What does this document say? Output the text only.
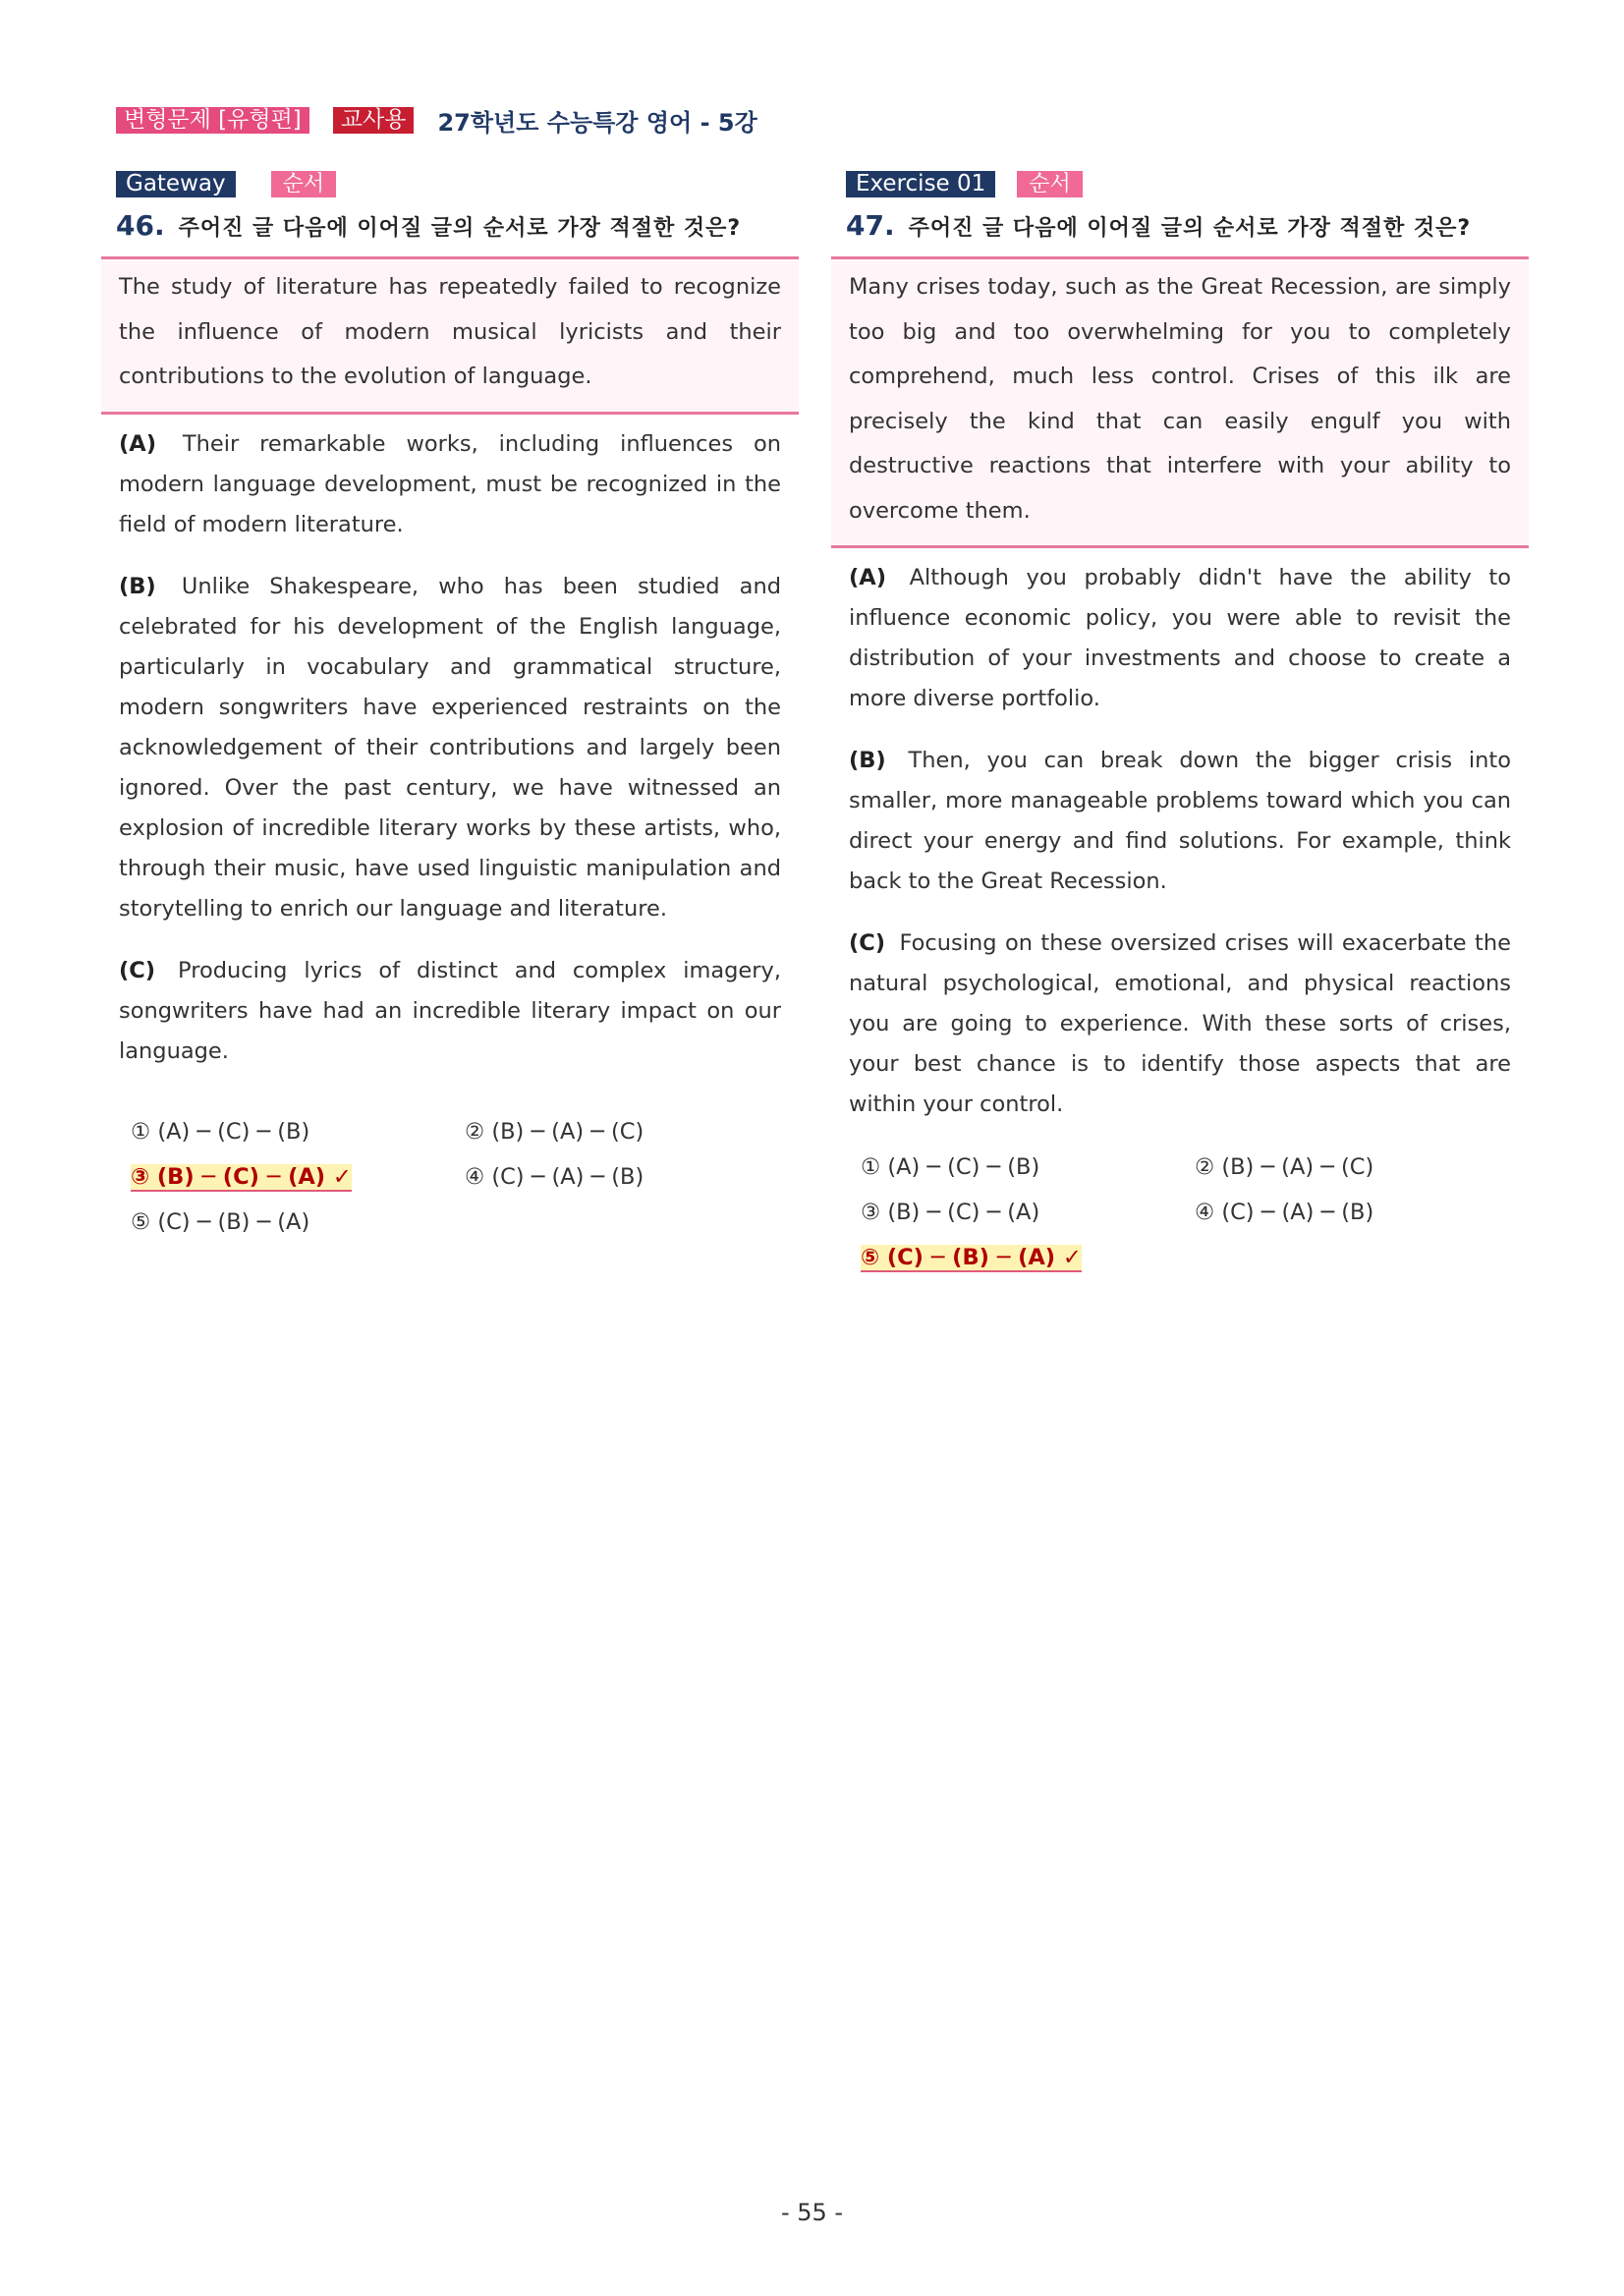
변형문제 [유형편]	교사용	27학년도 수능특강 영어 - 5강
Gateway	순서
46. 주어진 글 다음에 이어질 글의 순서로 가장 적절한 것은?
The study of literature has repeatedly failed to recognize the influence of modern musical lyricists and their contributions to the evolution of language.
(A) Their remarkable works, including influences on modern language development, must be recognized in the field of modern literature.
(B) Unlike Shakespeare, who has been studied and celebrated for his development of the English language, particularly in vocabulary and grammatical structure, modern songwriters have experienced restraints on the acknowledgement of their contributions and largely been ignored. Over the past century, we have witnessed an explosion of incredible literary works by these artists, who, through their music, have used linguistic manipulation and storytelling to enrich our language and literature.
(C) Producing lyrics of distinct and complex imagery, songwriters have had an incredible literary impact on our language.
① (A) ─ (C) ─ (B)	② (B) ─ (A) ─ (C)
③ (B) ─ (C) ─ (A) ✓	④ (C) ─ (A) ─ (B)
⑤ (C) ─ (B) ─ (A)
Exercise 01	순서
47. 주어진 글 다음에 이어질 글의 순서로 가장 적절한 것은?
Many crises today, such as the Great Recession, are simply too big and too overwhelming for you to completely comprehend, much less control. Crises of this ilk are precisely the kind that can easily engulf you with destructive reactions that interfere with your ability to overcome them.
(A) Although you probably didn't have the ability to influence economic policy, you were able to revisit the distribution of your investments and choose to create a more diverse portfolio.
(B) Then, you can break down the bigger crisis into smaller, more manageable problems toward which you can direct your energy and find solutions. For example, think back to the Great Recession.
(C) Focusing on these oversized crises will exacerbate the natural psychological, emotional, and physical reactions you are going to experience. With these sorts of crises, your best chance is to identify those aspects that are within your control.
① (A) ─ (C) ─ (B)	② (B) ─ (A) ─ (C)
③ (B) ─ (C) ─ (A)	④ (C) ─ (A) ─ (B)
⑤ (C) ─ (B) ─ (A) ✓
- 55 -
